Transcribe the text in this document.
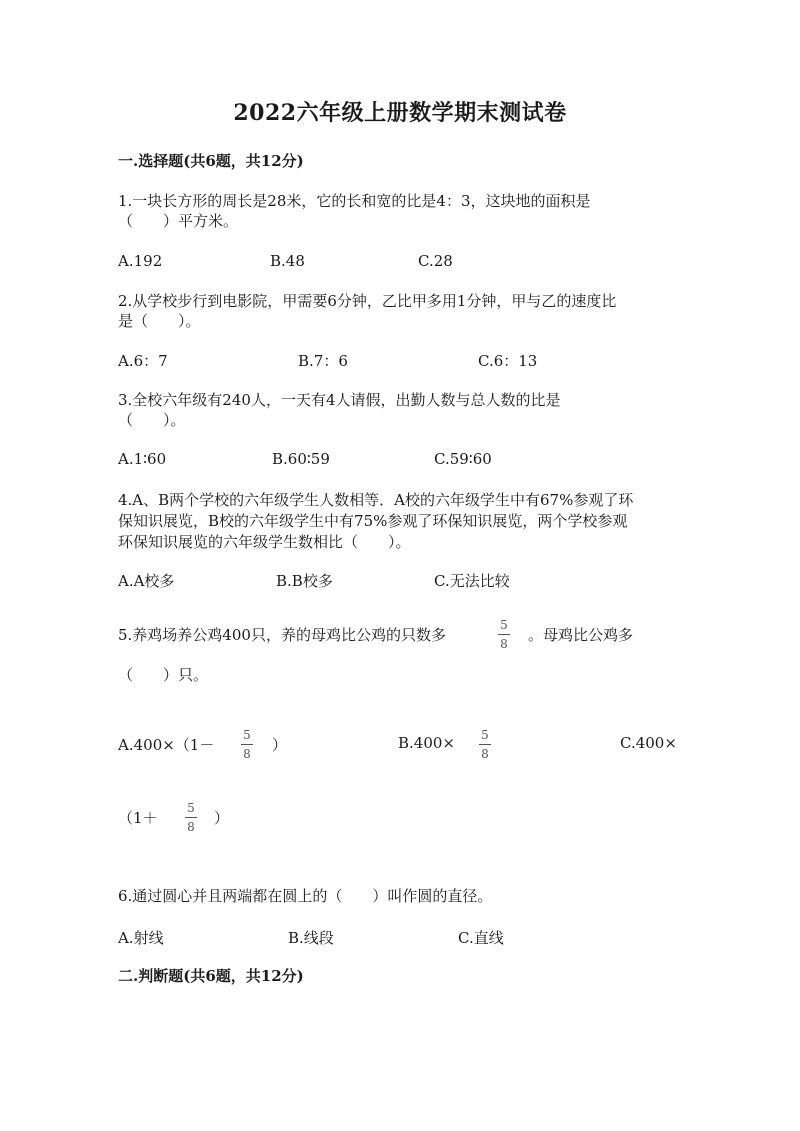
2022六年级上册数学期末测试卷
一.选择题(共6题，共12分)
1.一块长方形的周长是28米，它的长和宽的比是4：3，这块地的面积是
（　　）平方米。
A.192	B.48	C.28
2.从学校步行到电影院，甲需要6分钟，乙比甲多用1分钟，甲与乙的速度比
是（　　）。
A.6：7	B.7：6	C.6：13
3.全校六年级有240人，一天有4人请假，出勤人数与总人数的比是
（　　）。
A.1∶60	B.60∶59	C.59∶60
4.A、B两个学校的六年级学生人数相等．A校的六年级学生中有67%参观了环
保知识展览，B校的六年级学生中有75%参观了环保知识展览，两个学校参观
环保知识展览的六年级学生数相比（　　）。
A.A校多	B.B校多	C.无法比较
5.养鸡场养公鸡400只，养的母鸡比公鸡的只数多
5
8 。母鸡比公鸡多
（　　）只。
A.400×（1－
5
8 ）	B.400× 5
8
C.400×
（1＋
5
8 ）
6.通过圆心并且两端都在圆上的（　　）叫作圆的直径。
A.射线	B.线段	C.直线
二.判断题(共6题，共12分)
